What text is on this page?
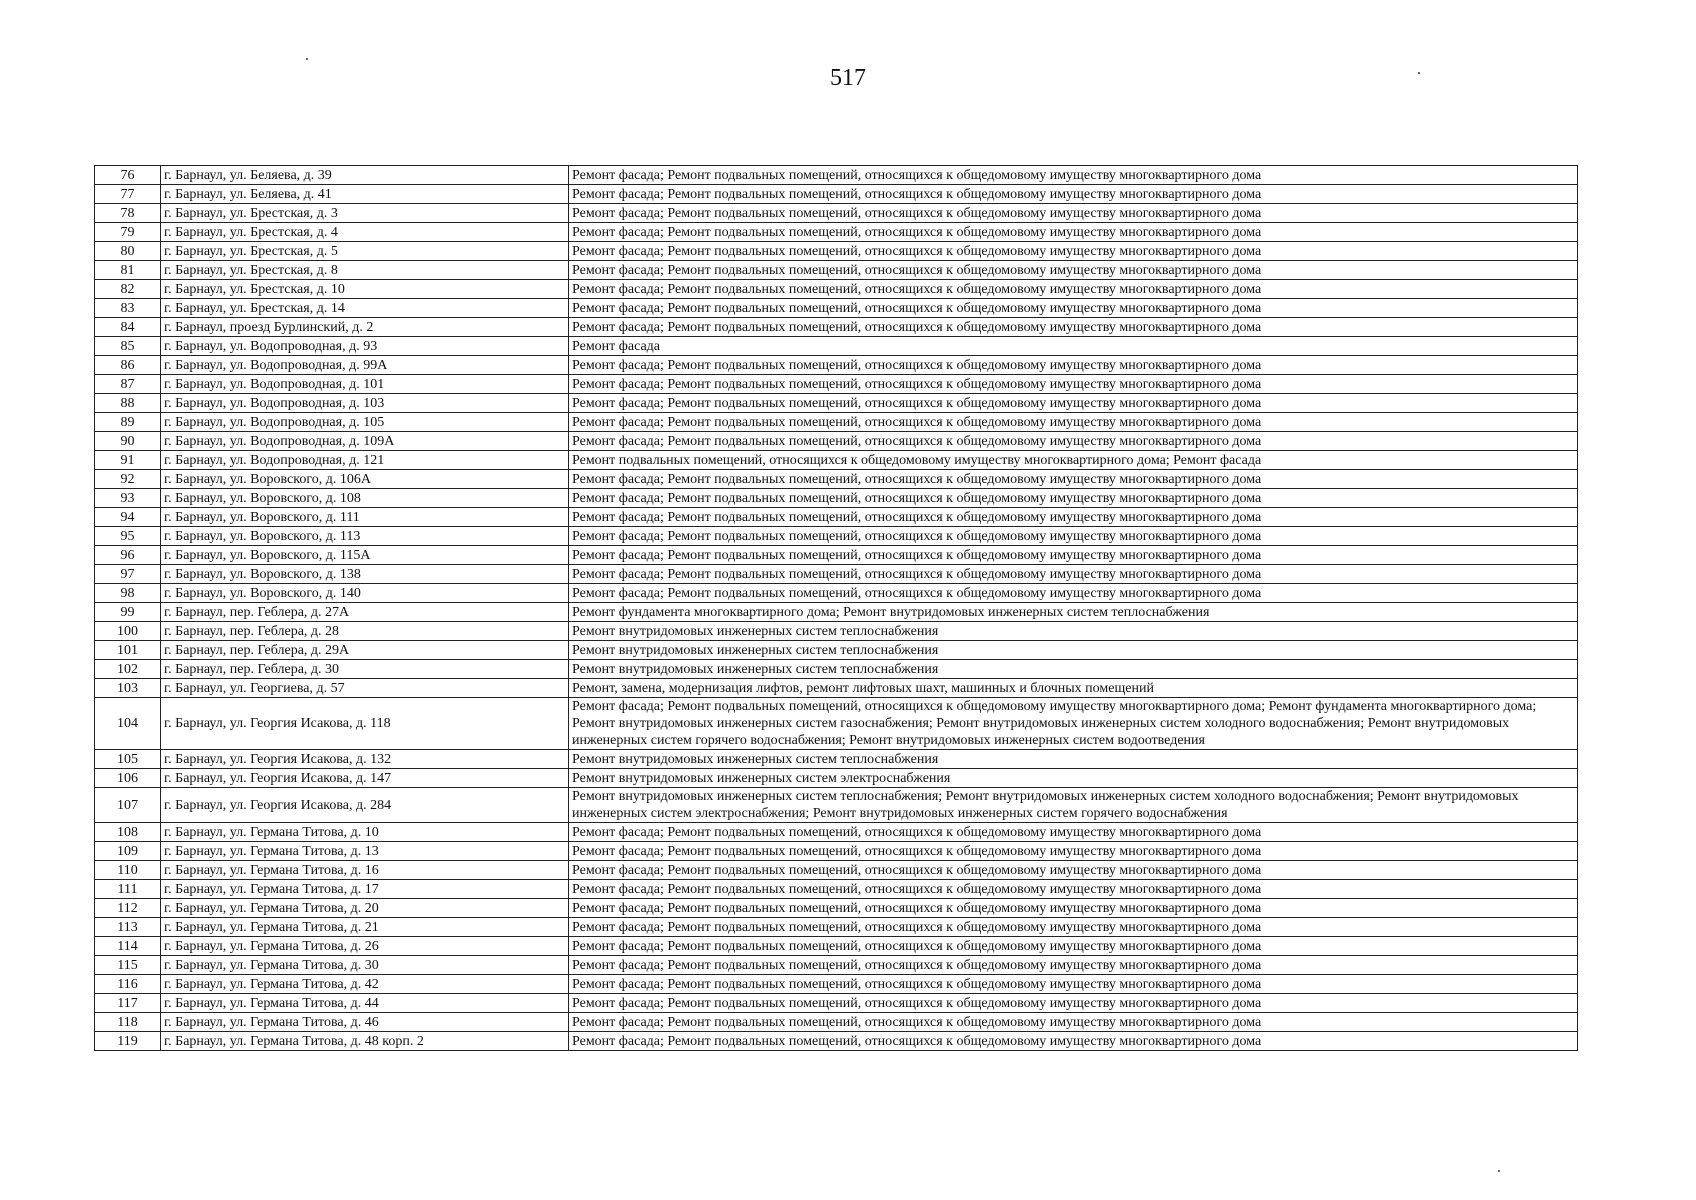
517
76	г. Барнаул, ул. Беляева, д. 39	Ремонт фасада; Ремонт подвальных помещений, относящихся к общедомовому имуществу многоквартирного дома
77	г. Барнаул, ул. Беляева, д. 41	Ремонт фасада; Ремонт подвальных помещений, относящихся к общедомовому имуществу многоквартирного дома
78	г. Барнаул, ул. Брестская, д. 3	Ремонт фасада; Ремонт подвальных помещений, относящихся к общедомовому имуществу многоквартирного дома
79	г. Барнаул, ул. Брестская, д. 4	Ремонт фасада; Ремонт подвальных помещений, относящихся к общедомовому имуществу многоквартирного дома
80	г. Барнаул, ул. Брестская, д. 5	Ремонт фасада; Ремонт подвальных помещений, относящихся к общедомовому имуществу многоквартирного дома
81	г. Барнаул, ул. Брестская, д. 8	Ремонт фасада; Ремонт подвальных помещений, относящихся к общедомовому имуществу многоквартирного дома
82	г. Барнаул, ул. Брестская, д. 10	Ремонт фасада; Ремонт подвальных помещений, относящихся к общедомовому имуществу многоквартирного дома
83	г. Барнаул, ул. Брестская, д. 14	Ремонт фасада; Ремонт подвальных помещений, относящихся к общедомовому имуществу многоквартирного дома
84	г. Барнаул, проезд Бурлинский, д. 2	Ремонт фасада; Ремонт подвальных помещений, относящихся к общедомовому имуществу многоквартирного дома
85	г. Барнаул, ул. Водопроводная, д. 93	Ремонт фасада
86	г. Барнаул, ул. Водопроводная, д. 99А	Ремонт фасада; Ремонт подвальных помещений, относящихся к общедомовому имуществу многоквартирного дома
87	г. Барнаул, ул. Водопроводная, д. 101	Ремонт фасада; Ремонт подвальных помещений, относящихся к общедомовому имуществу многоквартирного дома
88	г. Барнаул, ул. Водопроводная, д. 103	Ремонт фасада; Ремонт подвальных помещений, относящихся к общедомовому имуществу многоквартирного дома
89	г. Барнаул, ул. Водопроводная, д. 105	Ремонт фасада; Ремонт подвальных помещений, относящихся к общедомовому имуществу многоквартирного дома
90	г. Барнаул, ул. Водопроводная, д. 109А	Ремонт фасада; Ремонт подвальных помещений, относящихся к общедомовому имуществу многоквартирного дома
91	г. Барнаул, ул. Водопроводная, д. 121	Ремонт подвальных помещений, относящихся к общедомовому имуществу многоквартирного дома; Ремонт фасада
92	г. Барнаул, ул. Воровского, д. 106А	Ремонт фасада; Ремонт подвальных помещений, относящихся к общедомовому имуществу многоквартирного дома
93	г. Барнаул, ул. Воровского, д. 108	Ремонт фасада; Ремонт подвальных помещений, относящихся к общедомовому имуществу многоквартирного дома
94	г. Барнаул, ул. Воровского, д. 111	Ремонт фасада; Ремонт подвальных помещений, относящихся к общедомовому имуществу многоквартирного дома
95	г. Барнаул, ул. Воровского, д. 113	Ремонт фасада; Ремонт подвальных помещений, относящихся к общедомовому имуществу многоквартирного дома
96	г. Барнаул, ул. Воровского, д. 115А	Ремонт фасада; Ремонт подвальных помещений, относящихся к общедомовому имуществу многоквартирного дома
97	г. Барнаул, ул. Воровского, д. 138	Ремонт фасада; Ремонт подвальных помещений, относящихся к общедомовому имуществу многоквартирного дома
98	г. Барнаул, ул. Воровского, д. 140	Ремонт фасада; Ремонт подвальных помещений, относящихся к общедомовому имуществу многоквартирного дома
99	г. Барнаул, пер. Геблера, д. 27А	Ремонт фундамента многоквартирного дома; Ремонт внутридомовых инженерных систем теплоснабжения
100	г. Барнаул, пер. Геблера, д. 28	Ремонт внутридомовых инженерных систем теплоснабжения
101	г. Барнаул, пер. Геблера, д. 29А	Ремонт внутридомовых инженерных систем теплоснабжения
102	г. Барнаул, пер. Геблера, д. 30	Ремонт внутридомовых инженерных систем теплоснабжения
103	г. Барнаул, ул. Георгиева, д. 57	Ремонт, замена, модернизация лифтов, ремонт лифтовых шахт, машинных и блочных помещений
104	г. Барнаул, ул. Георгия Исакова, д. 118	Ремонт фасада; Ремонт подвальных помещений, относящихся к общедомовому имуществу многоквартирного дома; Ремонт фундамента многоквартирного дома; Ремонт внутридомовых инженерных систем газоснабжения; Ремонт внутридомовых инженерных систем холодного водоснабжения; Ремонт внутридомовых инженерных систем горячего водоснабжения; Ремонт внутридомовых инженерных систем водоотведения
105	г. Барнаул, ул. Георгия Исакова, д. 132	Ремонт внутридомовых инженерных систем теплоснабжения
106	г. Барнаул, ул. Георгия Исакова, д. 147	Ремонт внутридомовых инженерных систем электроснабжения
107	г. Барнаул, ул. Георгия Исакова, д. 284	Ремонт внутридомовых инженерных систем теплоснабжения; Ремонт внутридомовых инженерных систем холодного водоснабжения; Ремонт внутридомовых инженерных систем электроснабжения; Ремонт внутридомовых инженерных систем горячего водоснабжения
108	г. Барнаул, ул. Германа Титова, д. 10	Ремонт фасада; Ремонт подвальных помещений, относящихся к общедомовому имуществу многоквартирного дома
109	г. Барнаул, ул. Германа Титова, д. 13	Ремонт фасада; Ремонт подвальных помещений, относящихся к общедомовому имуществу многоквартирного дома
110	г. Барнаул, ул. Германа Титова, д. 16	Ремонт фасада; Ремонт подвальных помещений, относящихся к общедомовому имуществу многоквартирного дома
111	г. Барнаул, ул. Германа Титова, д. 17	Ремонт фасада; Ремонт подвальных помещений, относящихся к общедомовому имуществу многоквартирного дома
112	г. Барнаул, ул. Германа Титова, д. 20	Ремонт фасада; Ремонт подвальных помещений, относящихся к общедомовому имуществу многоквартирного дома
113	г. Барнаул, ул. Германа Титова, д. 21	Ремонт фасада; Ремонт подвальных помещений, относящихся к общедомовому имуществу многоквартирного дома
114	г. Барнаул, ул. Германа Титова, д. 26	Ремонт фасада; Ремонт подвальных помещений, относящихся к общедомовому имуществу многоквартирного дома
115	г. Барнаул, ул. Германа Титова, д. 30	Ремонт фасада; Ремонт подвальных помещений, относящихся к общедомовому имуществу многоквартирного дома
116	г. Барнаул, ул. Германа Титова, д. 42	Ремонт фасада; Ремонт подвальных помещений, относящихся к общедомовому имуществу многоквартирного дома
117	г. Барнаул, ул. Германа Титова, д. 44	Ремонт фасада; Ремонт подвальных помещений, относящихся к общедомовому имуществу многоквартирного дома
118	г. Барнаул, ул. Германа Титова, д. 46	Ремонт фасада; Ремонт подвальных помещений, относящихся к общедомовому имуществу многоквартирного дома
119	г. Барнаул, ул. Германа Титова, д. 48 корп. 2	Ремонт фасада; Ремонт подвальных помещений, относящихся к общедомовому имуществу многоквартирного дома
